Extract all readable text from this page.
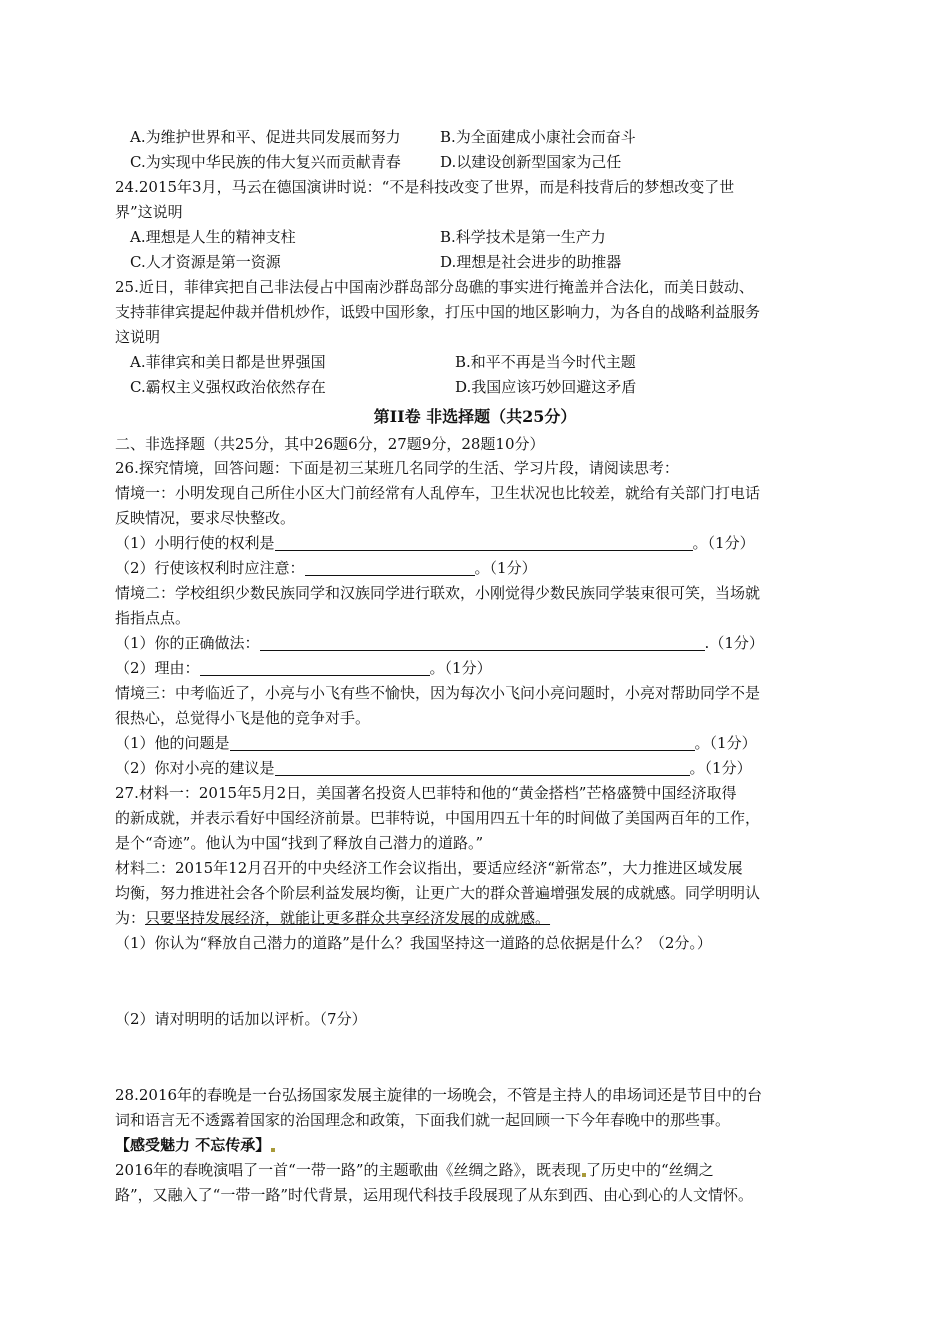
A.为维护世界和平、促进共同发展而努力	B.为全面建成小康社会而奋斗
C.为实现中华民族的伟大复兴而贡献青春	D.以建设创新型国家为己任
24.2015年3月，马云在德国演讲时说：“不是科技改变了世界，而是科技背后的梦想改变了世
界”这说明
A.理想是人生的精神支柱	B.科学技术是第一生产力
C.人才资源是第一资源	D.理想是社会进步的助推器
25.近日，菲律宾把自己非法侵占中国南沙群岛部分岛礁的事实进行掩盖并合法化，而美日鼓动、
支持菲律宾提起仲裁并借机炒作，诋毁中国形象，打压中国的地区影响力，为各自的战略利益服务
这说明
A.菲律宾和美日都是世界强国	B.和平不再是当今时代主题
C.霸权主义强权政治依然存在	D.我国应该巧妙回避这矛盾
第II卷 非选择题（共25分）
二、非选择题（共25分，其中26题6分，27题9分，28题10分）
26.探究情境，回答问题：下面是初三某班几名同学的生活、学习片段，请阅读思考：
情境一：小明发现自己所住小区大门前经常有人乱停车，卫生状况也比较差，就给有关部门打电话
反映情况，要求尽快整改。
（1）小明行使的权利是	。（1分）
（2）行使该权利时应注意：	。（1分）
情境二：学校组织少数民族同学和汉族同学进行联欢，小刚觉得少数民族同学装束很可笑，当场就
指指点点。
（1）你的正确做法：	.（1分）
（2）理由：	。（1分）
情境三：中考临近了，小亮与小飞有些不愉快，因为每次小飞问小亮问题时，小亮对帮助同学不是
很热心，总觉得小飞是他的竞争对手。
（1）他的问题是	。（1分）
（2）你对小亮的建议是	。（1分）
27.材料一：2015年5月2日，美国著名投资人巴菲特和他的“黄金搭档”芒格盛赞中国经济取得
的新成就，并表示看好中国经济前景。巴菲特说，中国用四五十年的时间做了美国两百年的工作，
是个“奇迹”。他认为中国“找到了释放自己潜力的道路。”
材料二：2015年12月召开的中央经济工作会议指出，要适应经济“新常态”，大力推进区域发展
均衡，努力推进社会各个阶层利益发展均衡，让更广大的群众普遍增强发展的成就感。同学明明认
为：只要坚持发展经济，就能让更多群众共享经济发展的成就感。
（1）你认为“释放自己潜力的道路”是什么？我国坚持这一道路的总依据是什么？（2分。）
（2）请对明明的话加以评析。（7分）
28.2016年的春晚是一台弘扬国家发展主旋律的一场晚会，不管是主持人的串场词还是节目中的台
词和语言无不透露着国家的治国理念和政策，下面我们就一起回顾一下今年春晚中的那些事。
【感受魅力 不忘传承】
2016年的春晚演唱了一首“一带一路”的主题歌曲《丝绸之路》，既表现 了历史中的“丝绸之
路”，又融入了“一带一路”时代背景，运用现代科技手段展现了从东到西、由心到心的人文情怀。
